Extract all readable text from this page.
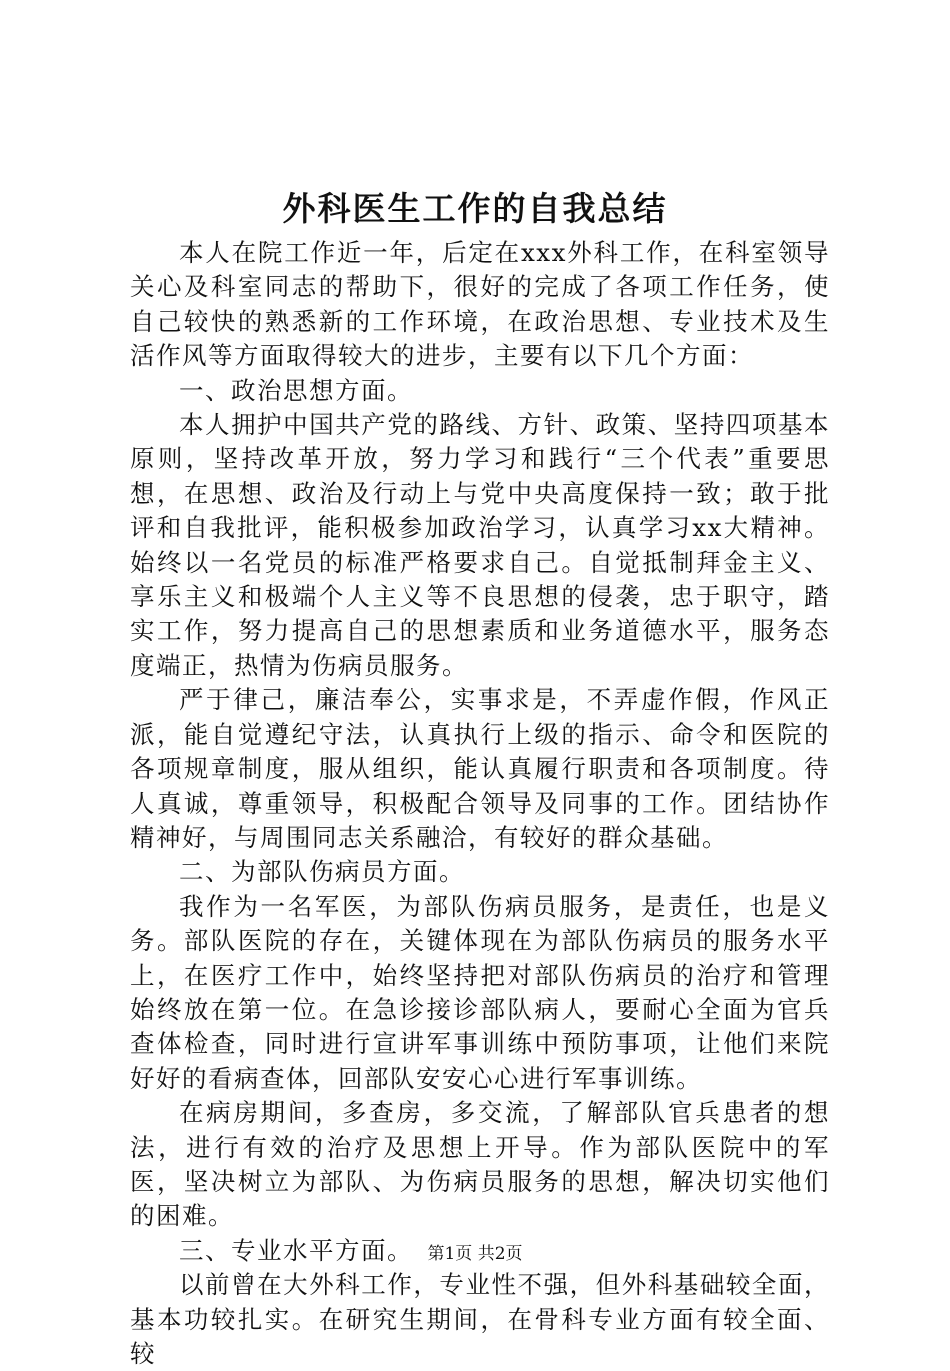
外科医生工作的自我总结

本人在院工作近一年，后定在xxx外科工作，在科室领导关心及科室同志的帮助下，很好的完成了各项工作任务，使自己较快的熟悉新的工作环境，在政治思想、专业技术及生活作风等方面取得较大的进步，主要有以下几个方面：

一、政治思想方面。

本人拥护中国共产党的路线、方针、政策、坚持四项基本原则，坚持改革开放，努力学习和践行“三个代表”重要思想，在思想、政治及行动上与党中央高度保持一致；敢于批评和自我批评，能积极参加政治学习，认真学习xx大精神。始终以一名党员的标准严格要求自己。自觉抵制拜金主义、享乐主义和极端个人主义等不良思想的侵袭，忠于职守，踏实工作，努力提高自己的思想素质和业务道德水平，服务态度端正，热情为伤病员服务。

严于律己，廉洁奉公，实事求是，不弄虚作假，作风正派，能自觉遵纪守法，认真执行上级的指示、命令和医院的各项规章制度，服从组织，能认真履行职责和各项制度。待人真诚，尊重领导，积极配合领导及同事的工作。团结协作精神好，与周围同志关系融洽，有较好的群众基础。

二、为部队伤病员方面。

我作为一名军医，为部队伤病员服务，是责任，也是义务。部队医院的存在，关键体现在为部队伤病员的服务水平上，在医疗工作中，始终坚持把对部队伤病员的治疗和管理始终放在第一位。在急诊接诊部队病人，要耐心全面为官兵查体检查，同时进行宣讲军事训练中预防事项，让他们来院好好的看病查体，回部队安安心心进行军事训练。

在病房期间，多查房，多交流，了解部队官兵患者的想法，进行有效的治疗及思想上开导。作为部队医院中的军医，坚决树立为部队、为伤病员服务的思想，解决切实他们的困难。

三、专业水平方面。

以前曾在大外科工作，专业性不强，但外科基础较全面，基本功较扎实。在研究生期间，在骨科专业方面有较全面、较

第1页 共2页
